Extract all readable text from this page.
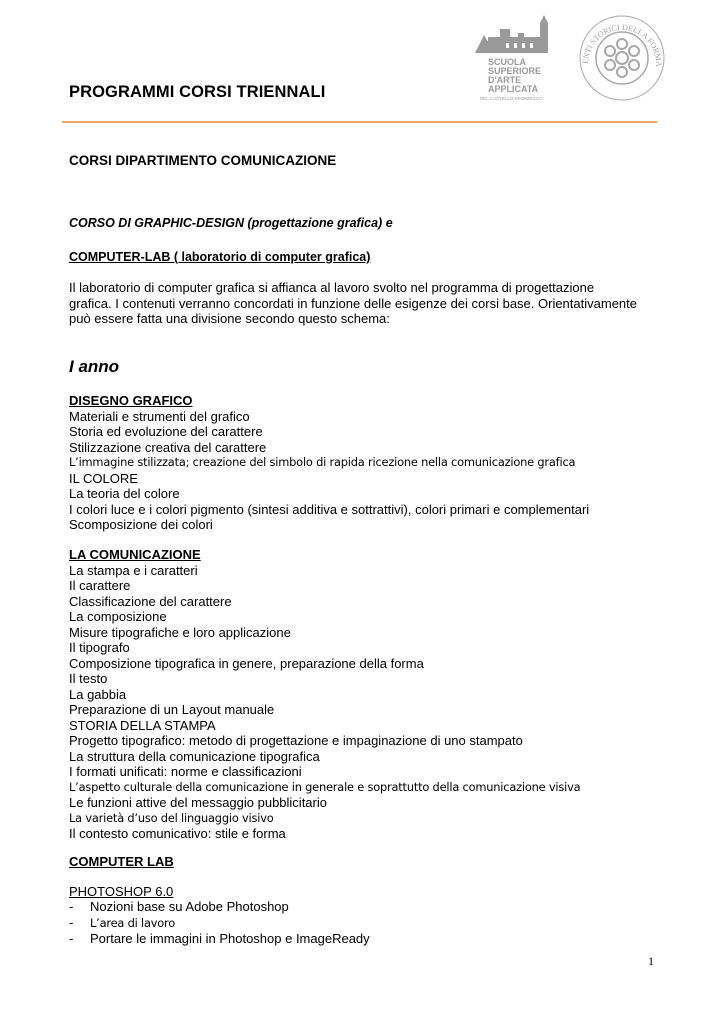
SCUOLA
SUPERIORE
D'ARTE
APPLICATA
DEL CASTELLO SFORZESCO
ENTI STORICI DELLA FORMA
PROGRAMMI CORSI TRIENNALI
CORSI DIPARTIMENTO COMUNICAZIONE
CORSO DI GRAPHIC-DESIGN (progettazione grafica) e
COMPUTER-LAB ( laboratorio di computer grafica)
Il laboratorio di computer grafica si affianca al lavoro svolto nel programma di progettazione
grafica. I contenuti verranno concordati in funzione delle esigenze dei corsi base. Orientativamente
può essere fatta una divisione secondo questo schema:
I anno
DISEGNO GRAFICO
Materiali e strumenti del grafico
Storia ed evoluzione del carattere
Stilizzazione creativa del carattere
L’immagine stilizzata; creazione del simbolo di rapida ricezione nella comunicazione grafica
IL COLORE
La teoria del colore
I colori luce e i colori pigmento (sintesi additiva e sottrattivi), colori primari e complementari
Scomposizione dei colori
LA COMUNICAZIONE
La stampa e i caratteri
Il carattere
Classificazione del carattere
La composizione
Misure tipografiche e loro applicazione
Il tipografo
Composizione tipografica in genere, preparazione della forma
Il testo
La gabbia
Preparazione di un Layout manuale
STORIA DELLA STAMPA
Progetto tipografico: metodo di progettazione e impaginazione di uno stampato
La struttura della comunicazione tipografica
I formati unificati: norme e classificazioni
L’aspetto culturale della comunicazione in generale e soprattutto della comunicazione visiva
Le funzioni attive del messaggio pubblicitario
La varietà d’uso del linguaggio visivo
Il contesto comunicativo: stile e forma
COMPUTER LAB
PHOTOSHOP 6.0
- Nozioni base su Adobe Photoshop
- L’area di lavoro
- Portare le immagini in Photoshop e ImageReady
1
